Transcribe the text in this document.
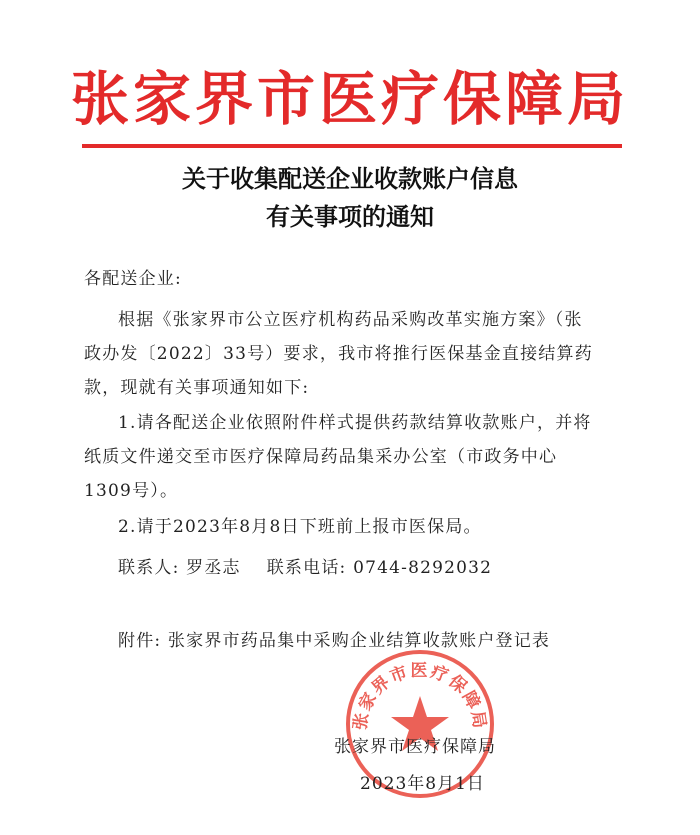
张家界市医疗保障局
关于收集配送企业收款账户信息
有关事项的通知
各配送企业:
根据《张家界市公立医疗机构药品采购改革实施方案》（张政办发〔2022〕33号）要求，我市将推行医保基金直接结算药款，现就有关事项通知如下:
1.请各配送企业依照附件样式提供药款结算收款账户，并将纸质文件递交至市医疗保障局药品集采办公室（市政务中心1309号）。
2.请于2023年8月8日下班前上报市医保局。
联系人: 罗丞志 联系电话: 0744-8292032
附件: 张家界市药品集中采购企业结算收款账户登记表
张家界市医疗保障局
张家界市医疗保障局
2023年8月1日
